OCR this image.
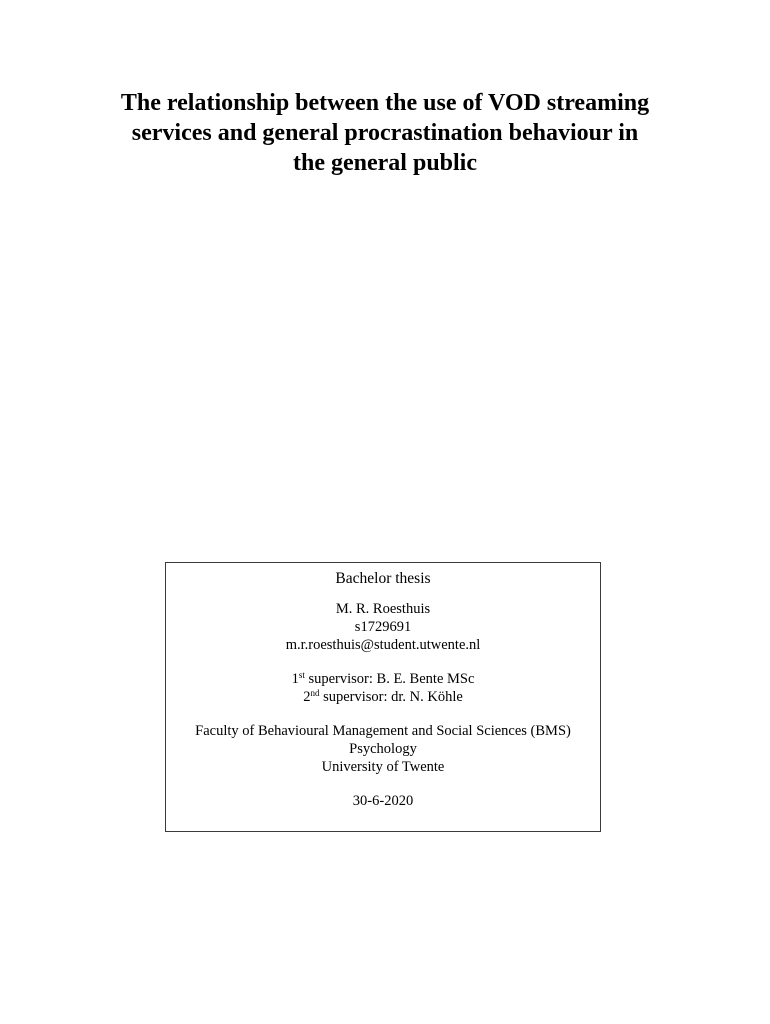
The relationship between the use of VOD streaming
services and general procrastination behaviour in
the general public
Bachelor thesis
M. R. Roesthuis
s1729691
m.r.roesthuis@student.utwente.nl
1st supervisor: B. E. Bente MSc
2nd supervisor: dr. N. Köhle
Faculty of Behavioural Management and Social Sciences (BMS)
Psychology
University of Twente
30-6-2020
